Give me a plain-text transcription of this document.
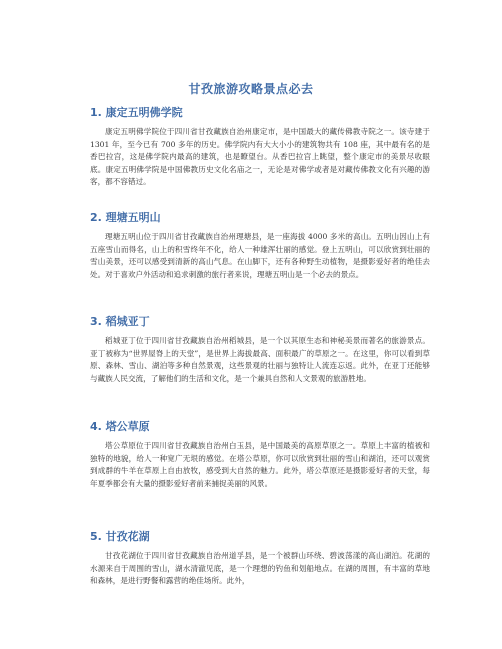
甘孜旅游攻略景点必去
1. 康定五明佛学院

康定五明佛学院位于四川省甘孜藏族自治州康定市，是中国最大的藏传佛教寺院之一。该寺建于 1301 年，至今已有 700 多年的历史。佛学院内有大大小小的建筑物共有 108 座，其中最有名的是香巴拉宫，这是佛学院内最高的建筑，也是瞭望台。从香巴拉宫上眺望，整个康定市的美景尽收眼底。康定五明佛学院是中国佛教历史文化名庙之一，无论是对佛学或者是对藏传佛教文化有兴趣的游客，都不容错过。

2. 理塘五明山

理塘五明山位于四川省甘孜藏族自治州理塘县，是一座海拔 4000 多米的高山。五明山因山上有五座雪山而得名，山上的积雪终年不化，给人一种雄浑壮丽的感觉。登上五明山，可以欣赏到壮丽的雪山美景，还可以感受到清新的高山气息。在山脚下，还有各种野生动植物，是摄影爱好者的绝佳去处。对于喜欢户外活动和追求刺激的旅行者来说，理塘五明山是一个必去的景点。

3. 稻城亚丁

稻城亚丁位于四川省甘孜藏族自治州稻城县，是一个以其原生态和神秘美景而著名的旅游景点。亚丁被称为“世界屋脊上的天堂”，是世界上海拔最高、面积最广的草原之一。在这里，你可以看到草原、森林、雪山、湖泊等多种自然景观，这些景观的壮丽与独特让人流连忘返。此外，在亚丁还能够与藏族人民交流，了解他们的生活和文化，是一个兼具自然和人文景观的旅游胜地。

4. 塔公草原

塔公草原位于四川省甘孜藏族自治州白玉县，是中国最美的高原草原之一。草原上丰富的植被和独特的地貌，给人一种宽广无垠的感觉。在塔公草原，你可以欣赏到壮丽的雪山和湖泊，还可以观赏到成群的牛羊在草原上自由放牧，感受到大自然的魅力。此外，塔公草原还是摄影爱好者的天堂，每年夏季都会有大量的摄影爱好者前来捕捉美丽的风景。

5. 甘孜花湖

甘孜花湖位于四川省甘孜藏族自治州道孚县，是一个被群山环绕、碧波荡漾的高山湖泊。花湖的水源来自于周围的雪山，湖水清澈见底，是一个理想的钓鱼和划船地点。在湖的周围，有丰富的草地和森林，是进行野餐和露营的绝佳场所。此外，
